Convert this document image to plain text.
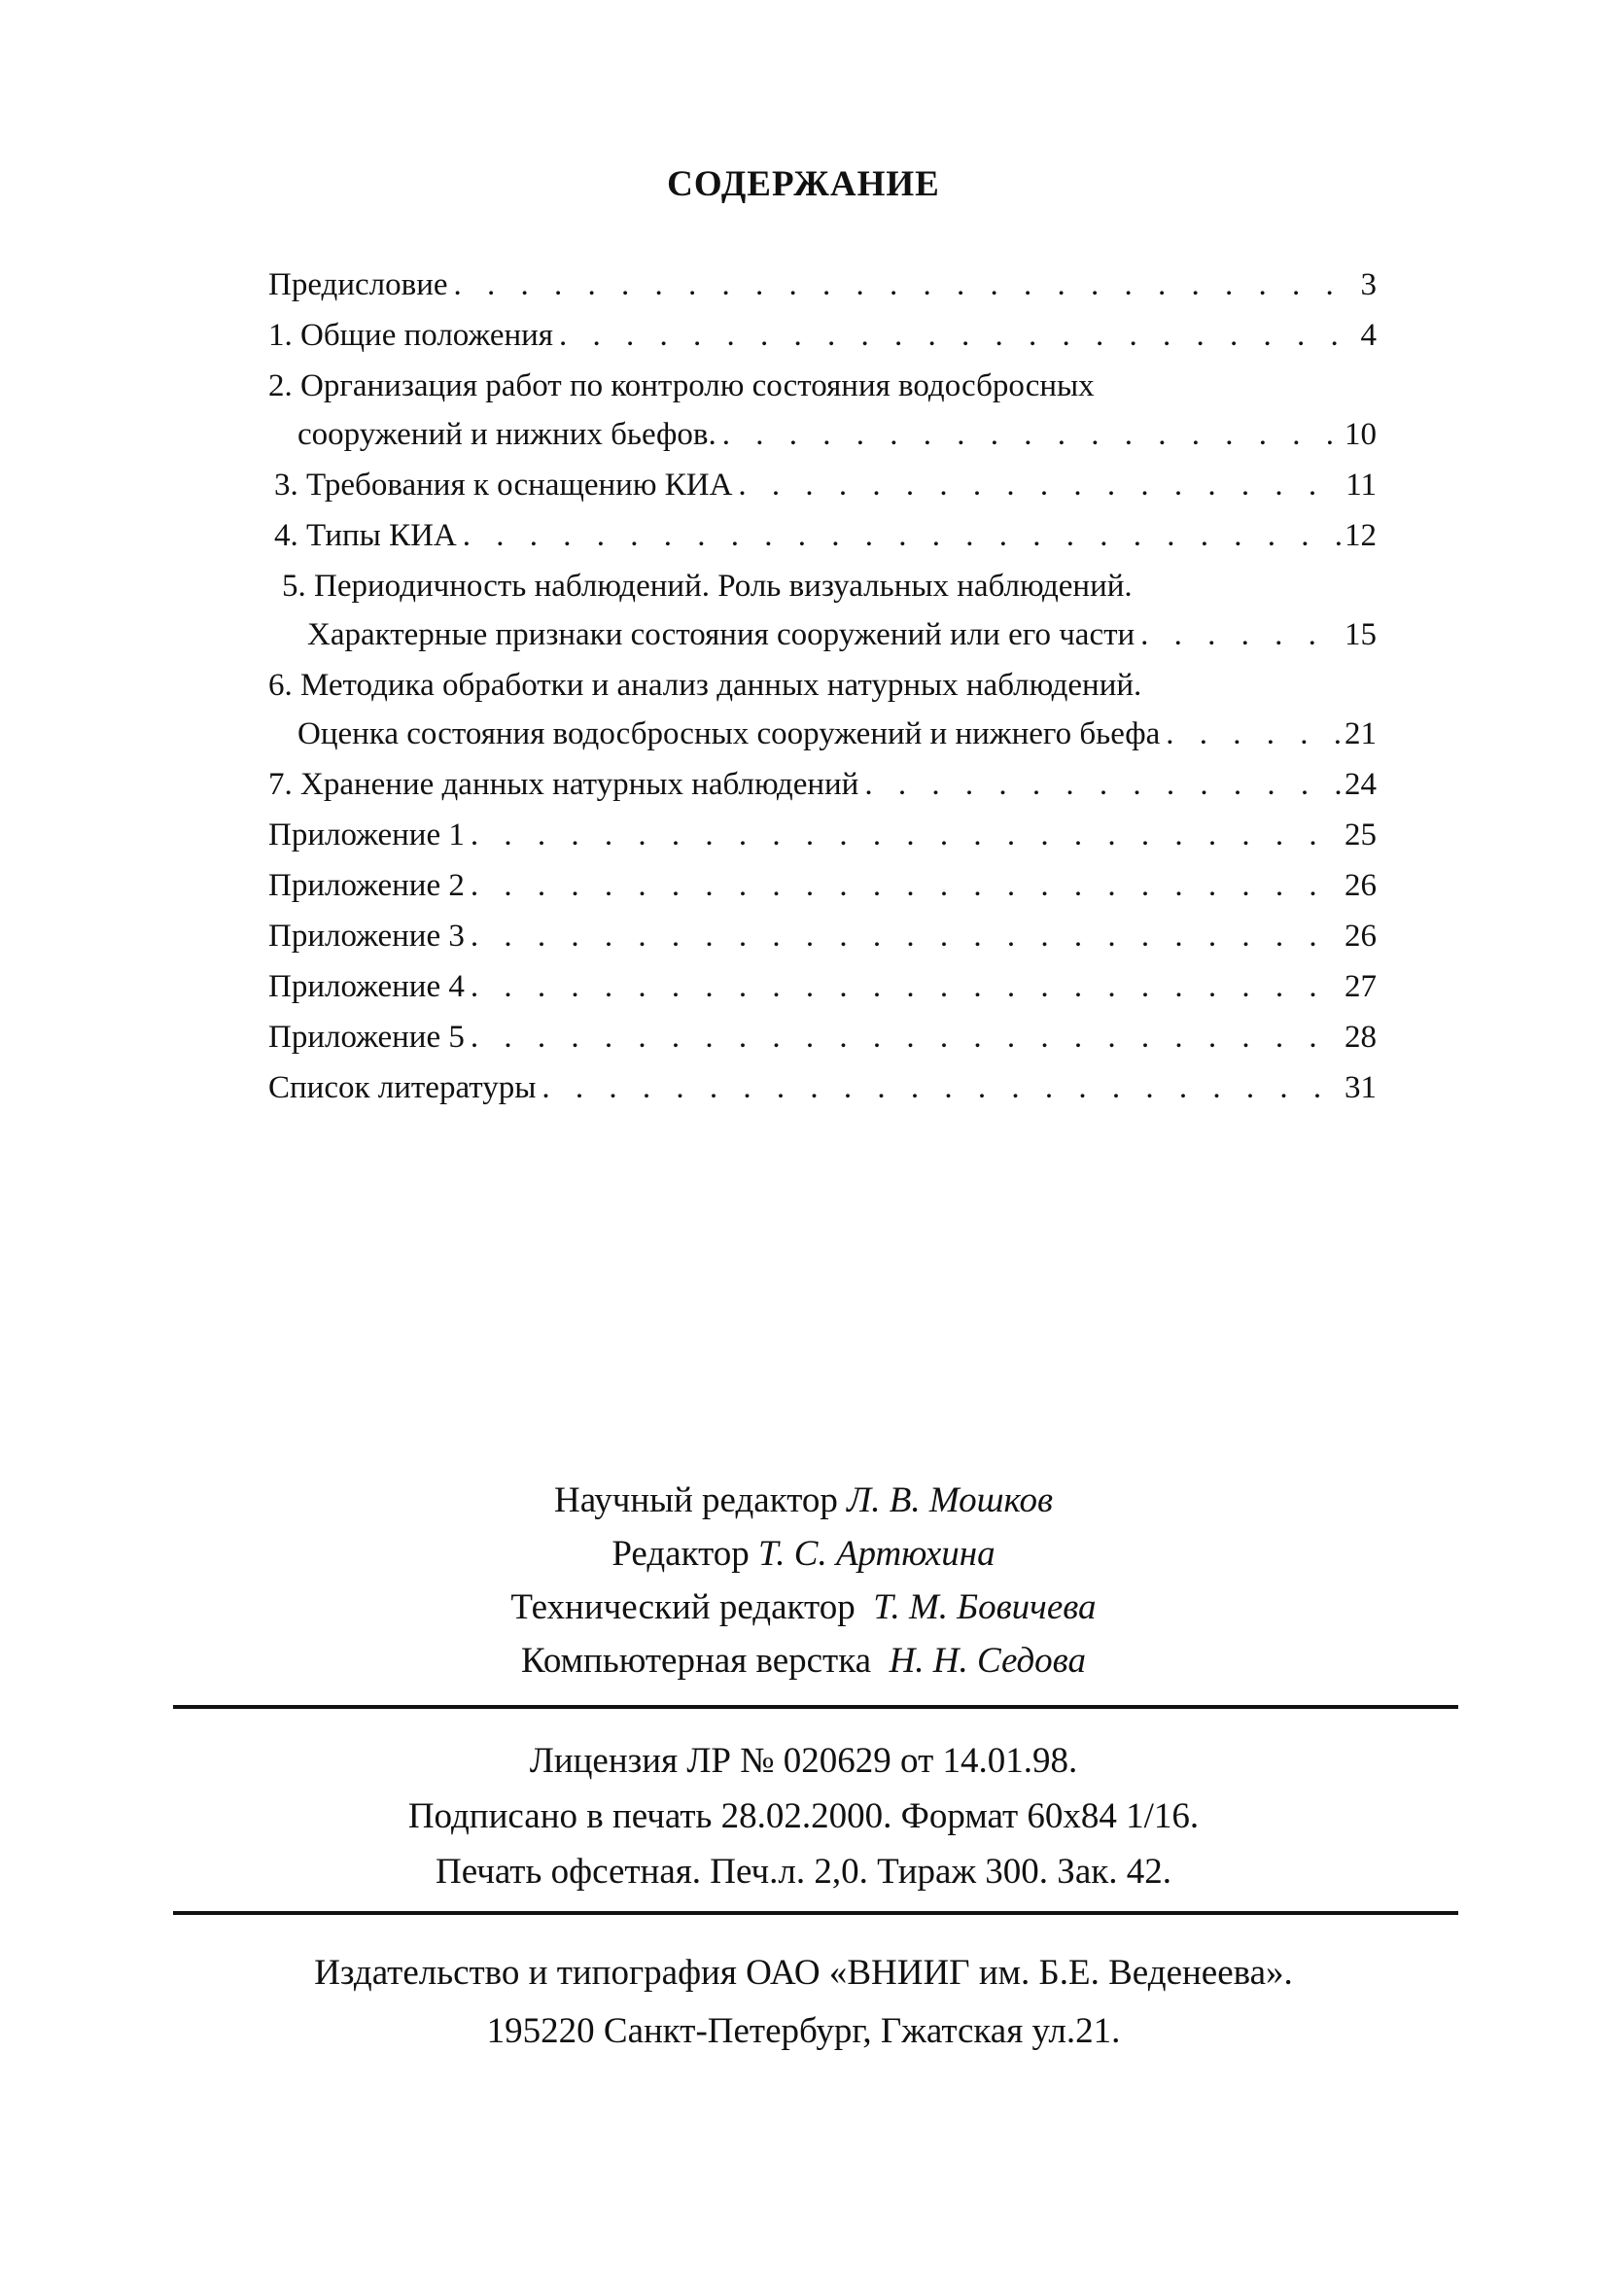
СОДЕРЖАНИЕ
Предисловие . . .	3
1. Общие положения . . .	4
2. Организация работ по контролю состояния водосбросных
сооружений и нижних бьефов. . . .	10
3. Требования к оснащению КИА . . .	11
4. Типы КИА . . .	12
5. Периодичность наблюдений. Роль визуальных наблюдений.
Характерные признаки состояния сооружений или его части . . .	15
6. Методика обработки и анализ данных натурных наблюдений.
Оценка состояния водосбросных сооружений и нижнего бьефа . . .	21
7. Хранение данных натурных наблюдений . . .	24
Приложение 1 . . .	25
Приложение 2 . . .	26
Приложение 3 . . .	26
Приложение 4 . . .	27
Приложение 5 . . .	28
Список литературы . . .	31
Научный редактор Л. В. Мошков
Редактор Т. С. Артюхина
Технический редактор Т. М. Бовичева
Компьютерная верстка Н. Н. Седова
Лицензия ЛР № 020629 от 14.01.98.
Подписано в печать 28.02.2000. Формат 60x84 1/16.
Печать офсетная. Печ.л. 2,0. Тираж 300. Зак. 42.
Издательство и типография ОАО «ВНИИГ им. Б.Е. Веденеева».
195220 Санкт-Петербург, Гжатская ул.21.
